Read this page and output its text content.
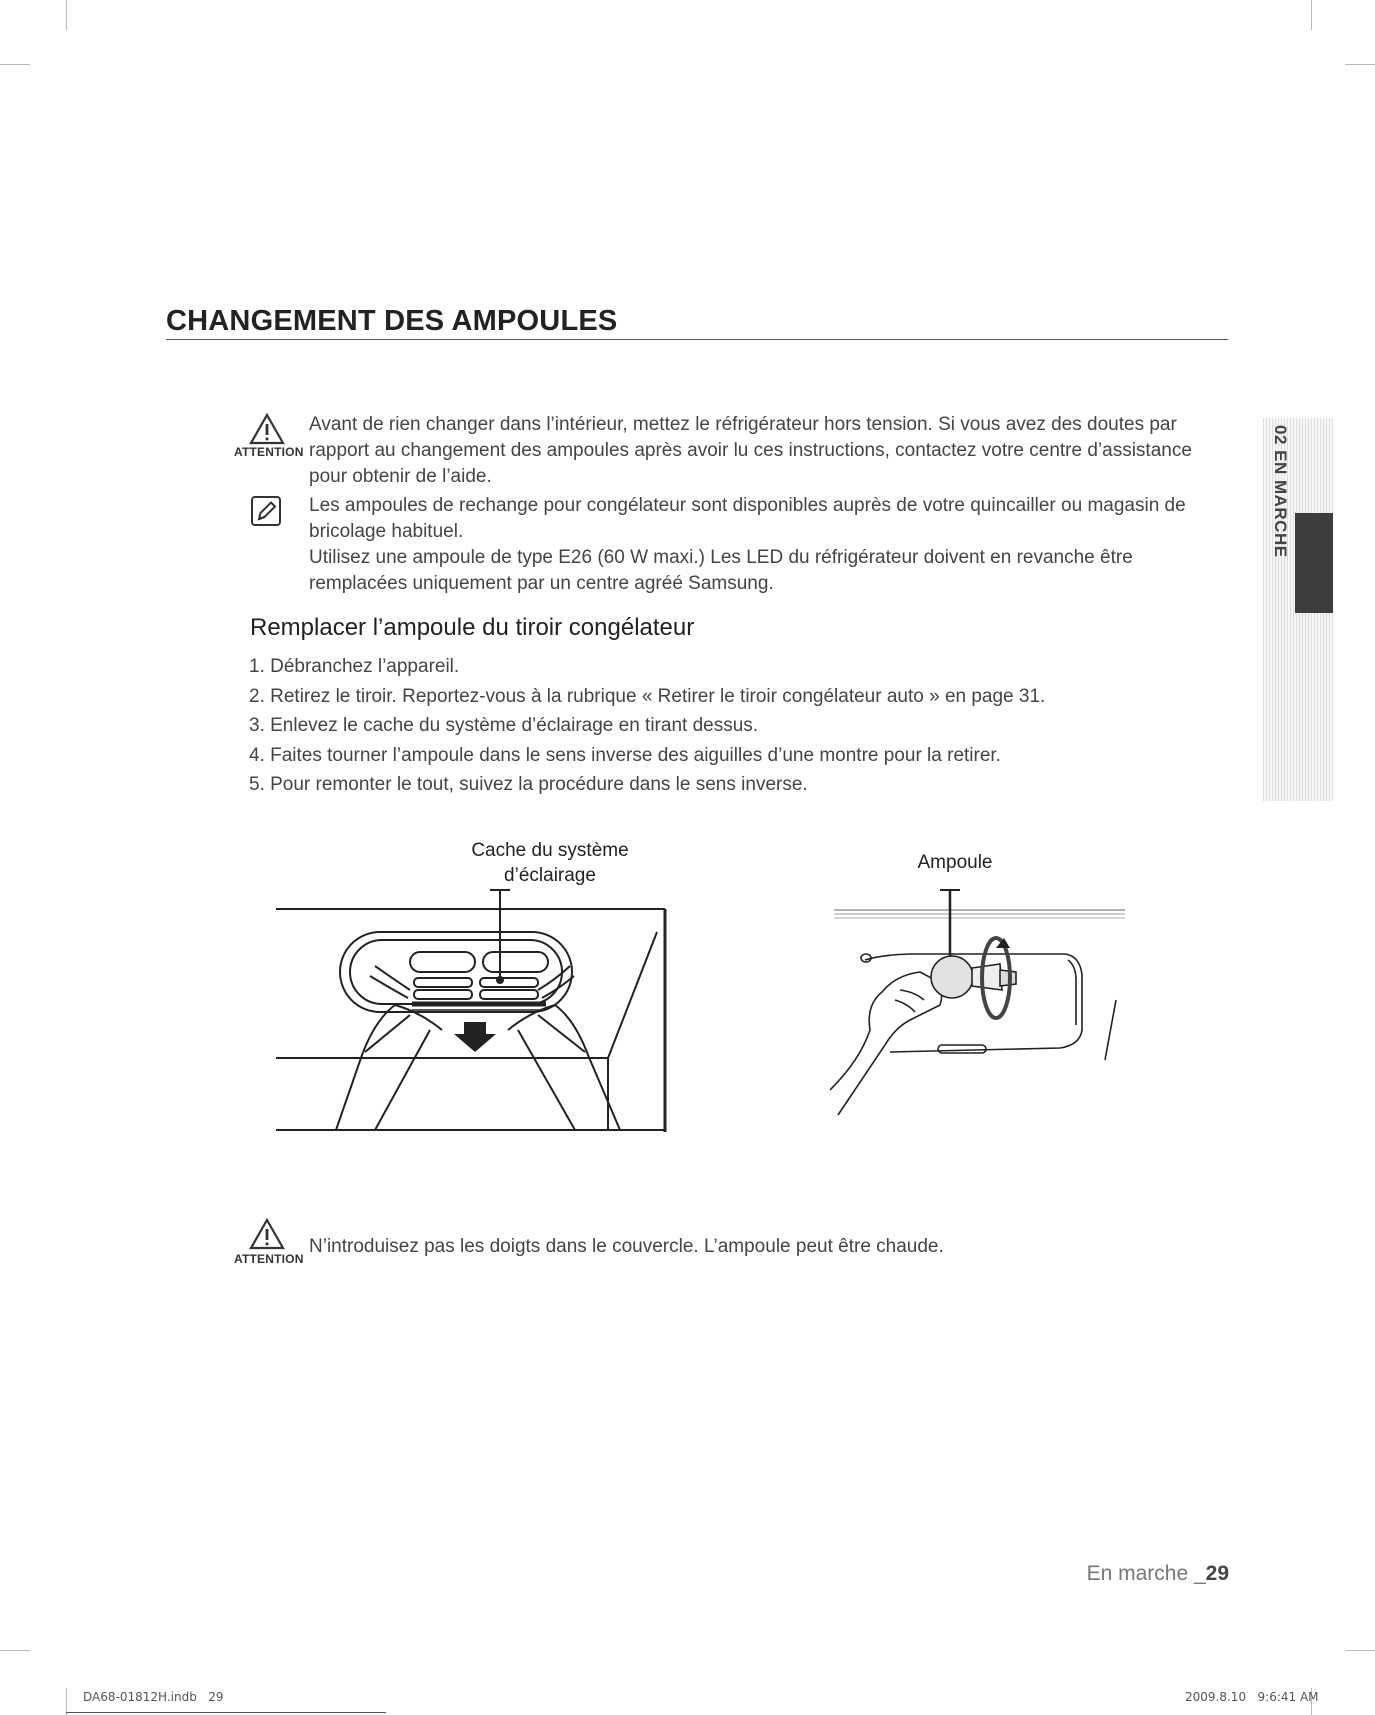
CHANGEMENT DES AMPOULES
ATTENTION
Avant de rien changer dans l’intérieur, mettez le réfrigérateur hors tension. Si vous avez des doutes par rapport au changement des ampoules après avoir lu ces instructions, contactez votre centre d’assistance pour obtenir de l’aide.
Les ampoules de rechange pour congélateur sont disponibles auprès de votre quincailler ou magasin de bricolage habituel.
Utilisez une ampoule de type E26 (60 W maxi.) Les LED du réfrigérateur doivent en revanche être remplacées uniquement par un centre agréé Samsung.
Remplacer l’ampoule du tiroir congélateur
1. Débranchez l’appareil.
2. Retirez le tiroir. Reportez-vous à la rubrique « Retirer le tiroir congélateur auto » en page 31.
3. Enlevez le cache du système d’éclairage en tirant dessus.
4. Faites tourner l’ampoule dans le sens inverse des aiguilles d’une montre pour la retirer.
5. Pour remonter le tout, suivez la procédure dans le sens inverse.
Cache du système
d’éclairage
Ampoule
ATTENTION
N’introduisez pas les doigts dans le couvercle. L’ampoule peut être chaude.
02 EN MARCHE
En marche _29
DA68-01812H.indb   29	2009.8.10   9:6:41 AM
